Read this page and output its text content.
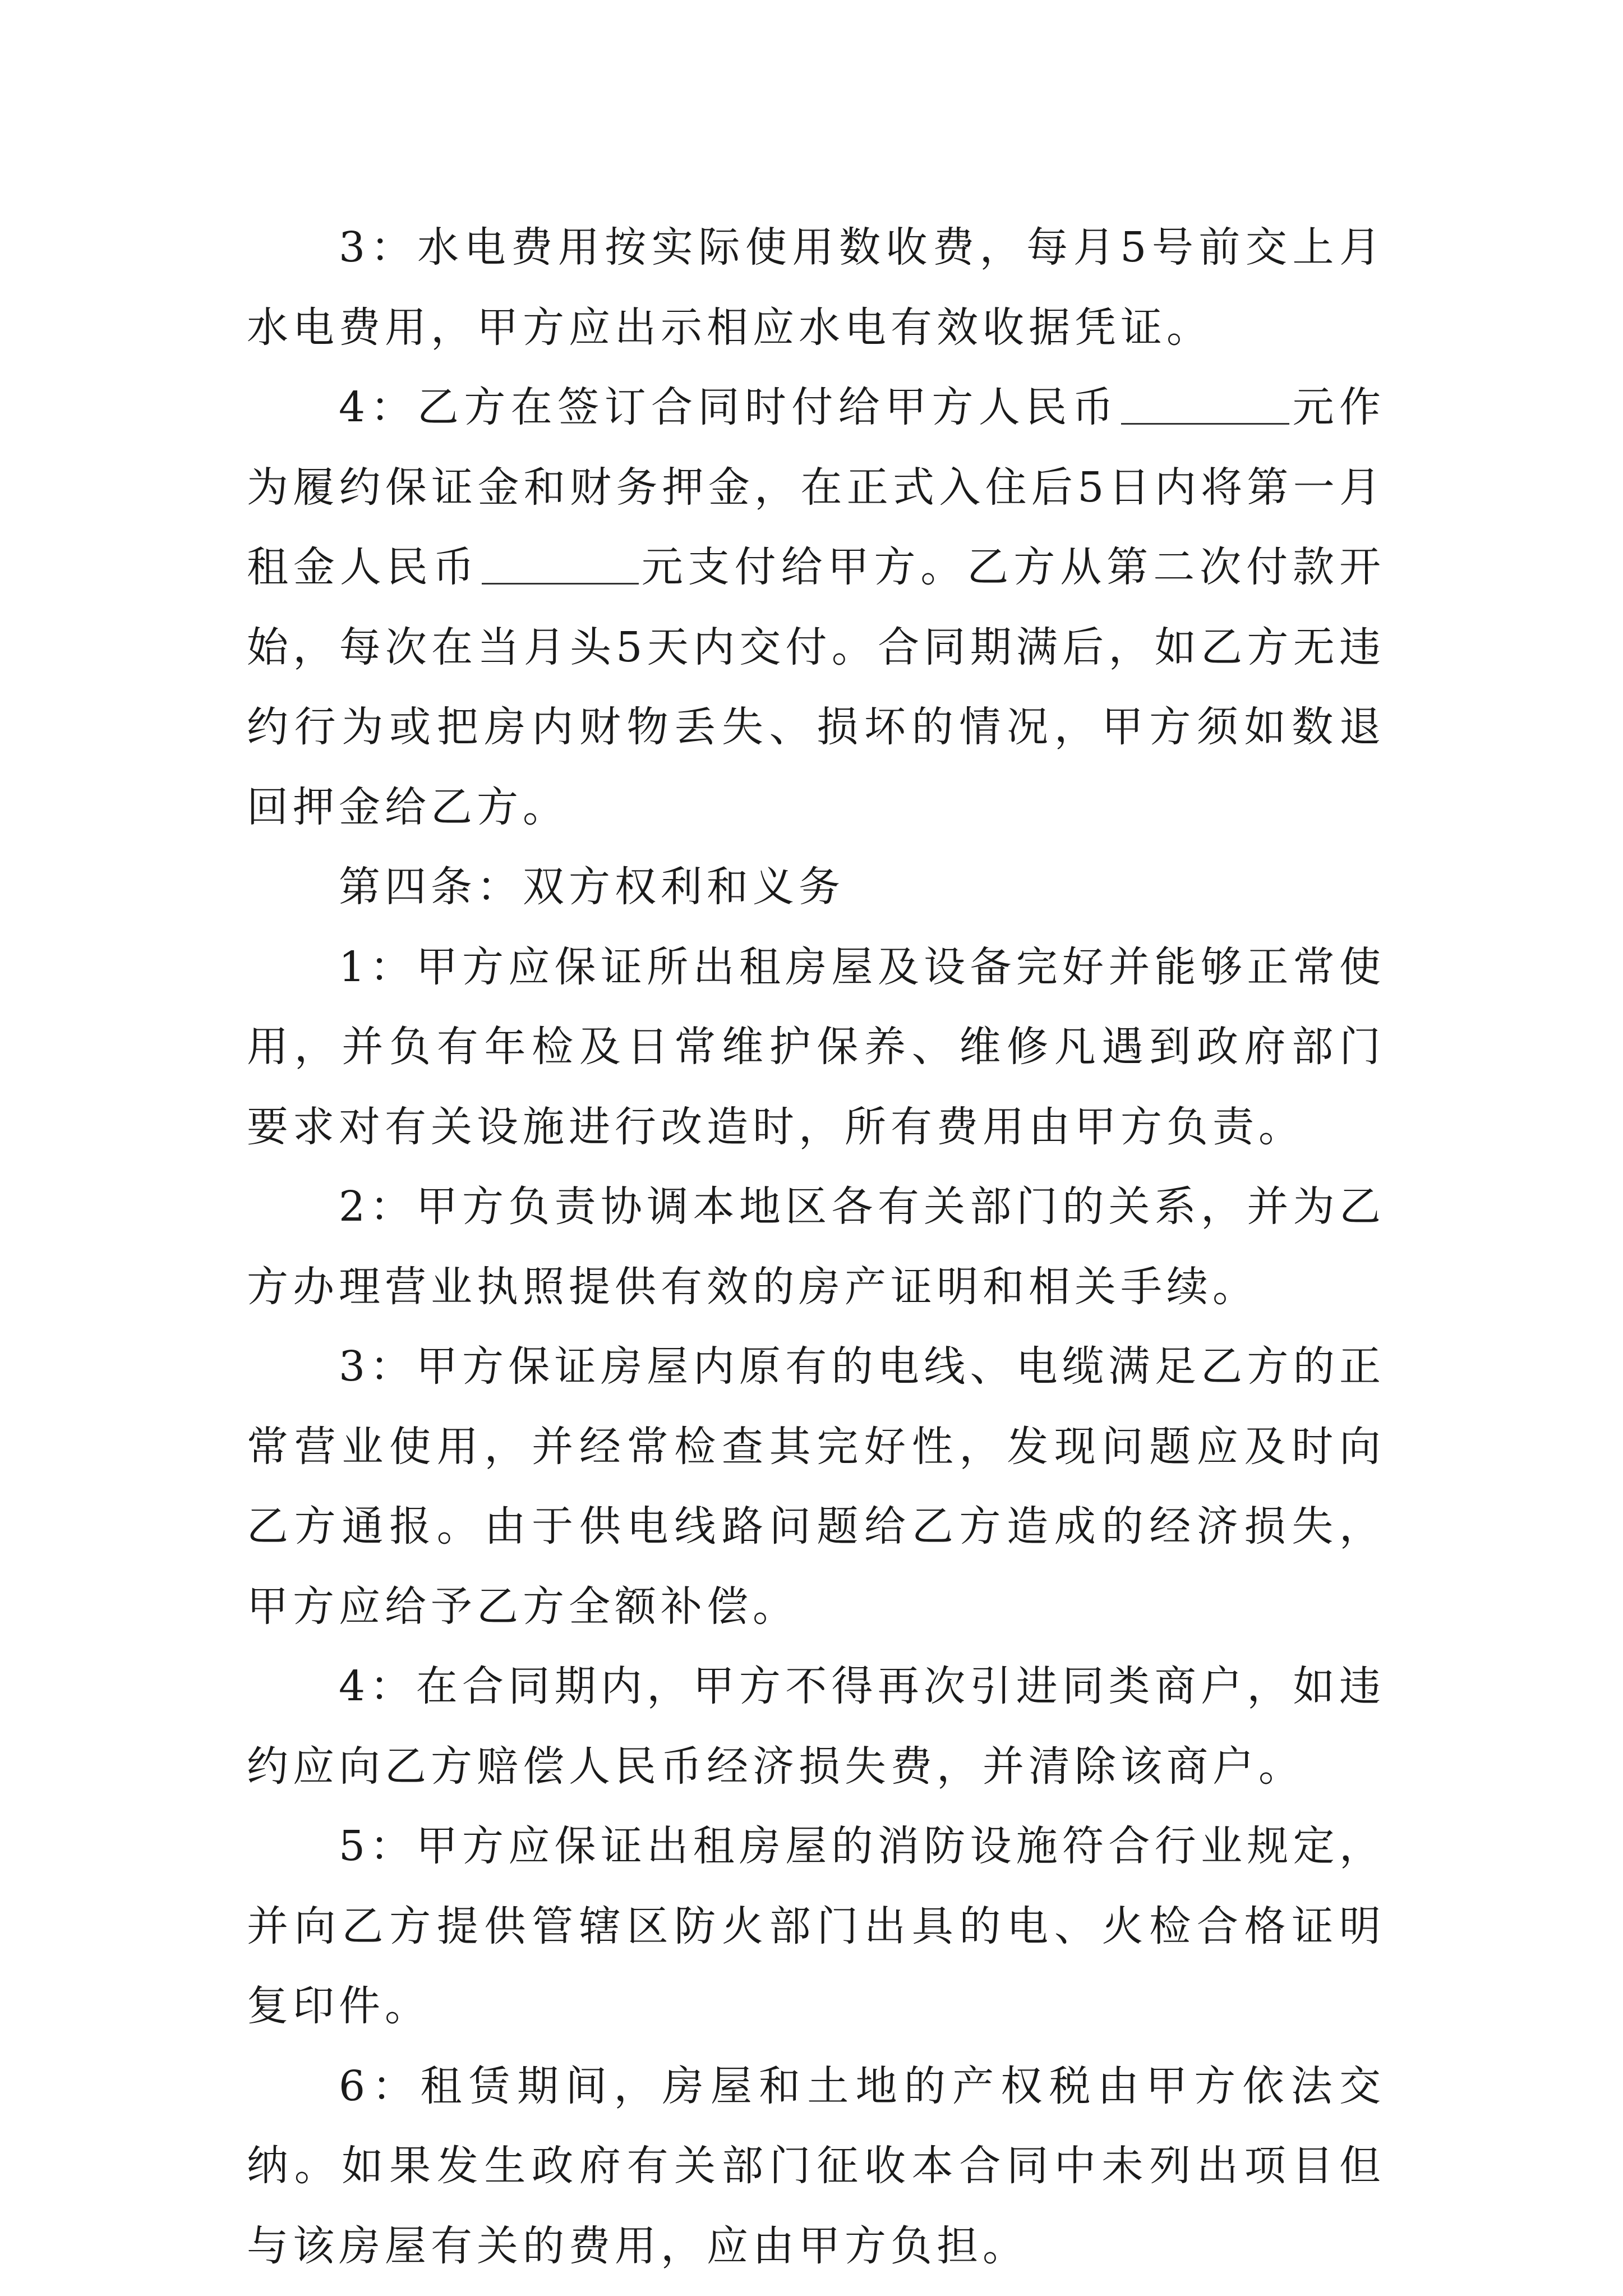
3：水电费用按实际使用数收费，每月5号前交上月水电费用，甲方应出示相应水电有效收据凭证。

4：乙方在签订合同时付给甲方人民币	元作为履约保证金和财务押金，在正式入住后5日内将第一月租金人民币	元支付给甲方。乙方从第二次付款开始，每次在当月头5天内交付。合同期满后，如乙方无违约行为或把房内财物丢失、损坏的情况，甲方须如数退回押金给乙方。

第四条：双方权利和义务

1：甲方应保证所出租房屋及设备完好并能够正常使用，并负有年检及日常维护保养、维修凡遇到政府部门要求对有关设施进行改造时，所有费用由甲方负责。

2：甲方负责协调本地区各有关部门的关系，并为乙方办理营业执照提供有效的房产证明和相关手续。

3：甲方保证房屋内原有的电线、电缆满足乙方的正常营业使用，并经常检查其完好性，发现问题应及时向乙方通报。由于供电线路问题给乙方造成的经济损失，甲方应给予乙方全额补偿。

4：在合同期内，甲方不得再次引进同类商户，如违约应向乙方赔偿人民币经济损失费，并清除该商户。

5：甲方应保证出租房屋的消防设施符合行业规定，并向乙方提供管辖区防火部门出具的电、火检合格证明复印件。

6：租赁期间，房屋和土地的产权税由甲方依法交纳。如果发生政府有关部门征收本合同中未列出项目但与该房屋有关的费用，应由甲方负担。
